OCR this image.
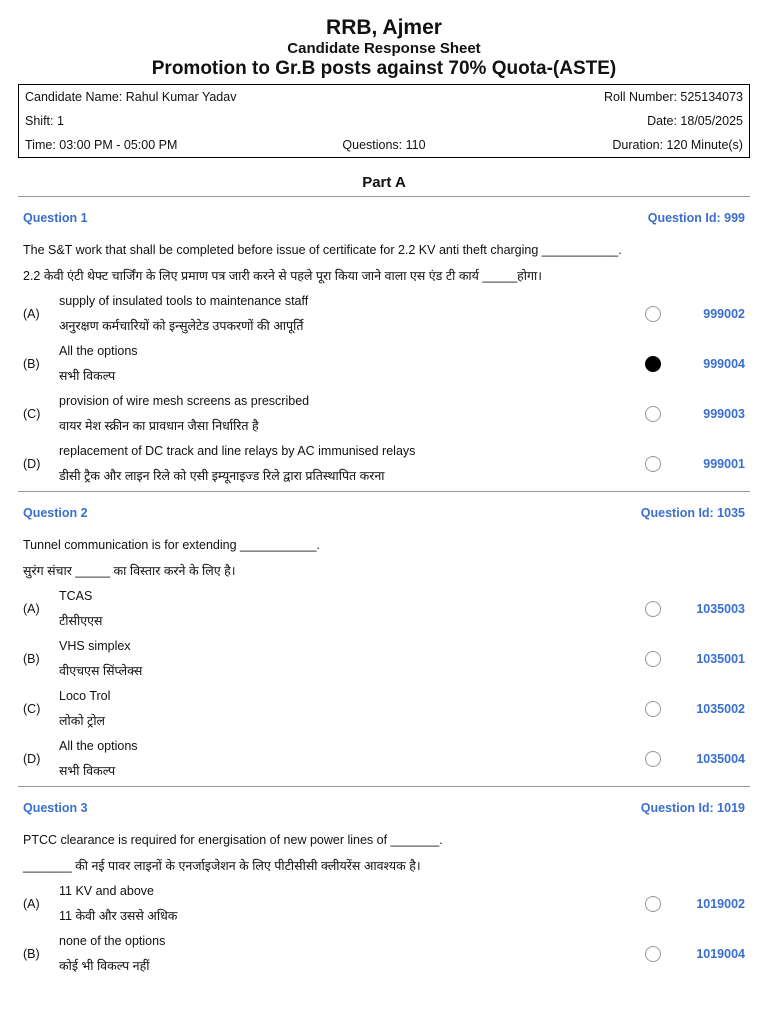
RRB, Ajmer
Candidate Response Sheet
Promotion to Gr.B posts against 70% Quota-(ASTE)
Candidate Name: Rahul Kumar Yadav	Roll Number: 525134073
Shift: 1	Date: 18/05/2025
Time: 03:00 PM - 05:00 PM	Questions: 110	Duration: 120 Minute(s)
Part A
Question 1	Question Id: 999
The S&T work that shall be completed before issue of certificate for 2.2 KV anti theft charging ___________.
2.2 केवी एंटी थेफ्ट चार्जिंग के लिए प्रमाण पत्र जारी करने से पहले पूरा किया जाने वाला एस एंड टी कार्य _____होगा।
(A)
supply of insulated tools to maintenance staff
अनुरक्षण कर्मचारियों को इन्सुलेटेड उपकरणों की आपूर्ति
999002
(B)
All the options
सभी विकल्प
999004
(C)
provision of wire mesh screens as prescribed
वायर मेश स्क्रीन का प्रावधान जैसा निर्धारित है
999003
(D)
replacement of DC track and line relays by AC immunised relays
डीसी ट्रैक और लाइन रिले को एसी इम्यूनाइज्ड रिले द्वारा प्रतिस्थापित करना
999001
Question 2	Question Id: 1035
Tunnel communication is for extending ___________.
सुरंग संचार _____ का विस्तार करने के लिए है।
(A)
TCAS
टीसीएएस
1035003
(B)
VHS simplex
वीएचएस सिंप्लेक्स
1035001
(C)
Loco Trol
लोको ट्रोल
1035002
(D)
All the options
सभी विकल्प
1035004
Question 3	Question Id: 1019
PTCC clearance is required for energisation of new power lines of _______.
_______ की नई पावर लाइनों के एनर्जाइजेशन के लिए पीटीसीसी क्लीयरेंस आवश्यक है।
(A)
11 KV and above
11 केवी और उससे अधिक
1019002
(B)
none of the options
कोई भी विकल्प नहीं
1019004
